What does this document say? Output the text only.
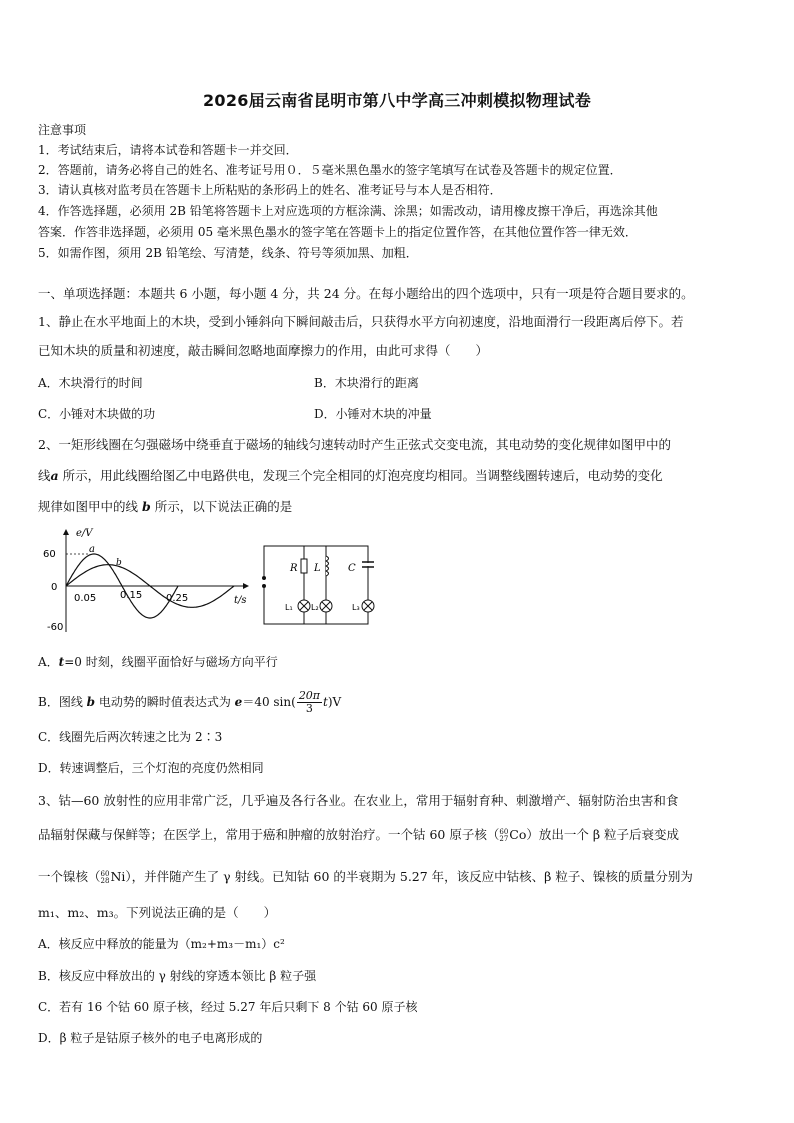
2026届云南省昆明市第八中学高三冲刺模拟物理试卷
注意事项
1．考试结束后，请将本试卷和答题卡一并交回．
2．答题前，请务必将自己的姓名、准考证号用０．５毫米黑色墨水的签字笔填写在试卷及答题卡的规定位置．
3．请认真核对监考员在答题卡上所粘贴的条形码上的姓名、准考证号与本人是否相符．
4．作答选择题，必须用 2B 铅笔将答题卡上对应选项的方框涂满、涂黑；如需改动，请用橡皮擦干净后，再选涂其他
答案．作答非选择题，必须用 05 毫米黑色墨水的签字笔在答题卡上的指定位置作答，在其他位置作答一律无效．
5．如需作图，须用 2B 铅笔绘、写清楚，线条、符号等须加黑、加粗．
一、单项选择题：本题共 6 小题，每小题 4 分，共 24 分。在每小题给出的四个选项中，只有一项是符合题目要求的。
1、静止在水平地面上的木块，受到小锤斜向下瞬间敲击后，只获得水平方向初速度，沿地面滑行一段距离后停下。若
已知木块的质量和初速度，敲击瞬间忽略地面摩擦力的作用，由此可求得（　　）
A．木块滑行的时间	B．木块滑行的距离
C．小锤对木块做的功	D．小锤对木块的冲量
2、一矩形线圈在匀强磁场中绕垂直于磁场的轴线匀速转动时产生正弦式交变电流，其电动势的变化规律如图甲中的
线a 所示，用此线圈给图乙中电路供电，发现三个完全相同的灯泡亮度均相同。当调整线圈转速后，电动势的变化
规律如图甲中的线 b 所示，以下说法正确的是
e/V
t/s
60
0
-60
0.05 0.15 0.25
a
b	R L	C
L₁ L₂	L₃
A．t=0 时刻，线圈平面恰好与磁场方向平行
B．图线 b 电动势的瞬时值表达式为 e＝40 $\sin( \frac{20\pi}{3} t)V$
C．线圈先后两次转速之比为 2∶3
D．转速调整后，三个灯泡的亮度仍然相同
3、钴—60 放射性的应用非常广泛，几乎遍及各行各业。在农业上，常用于辐射育种、刺激增产、辐射防治虫害和食
品辐射保藏与保鲜等；在医学上，常用于癌和肿瘤的放射治疗。一个钴 60 原子核（ 60
27 Co）放出一个 β 粒子后衰变成
一个镍核（ 60
28 Ni），并伴随产生了 γ 射线。已知钴 60 的半衰期为 5.27 年，该反应中钴核、β 粒子、镍核的质量分别为
m₁、m₂、m₃。下列说法正确的是（　　）
A．核反应中释放的能量为（m₂+m₃－m₁）c²
B．核反应中释放出的 γ 射线的穿透本领比 β 粒子强
C．若有 16 个钴 60 原子核，经过 5.27 年后只剩下 8 个钴 60 原子核
D．β 粒子是钴原子核外的电子电离形成的
